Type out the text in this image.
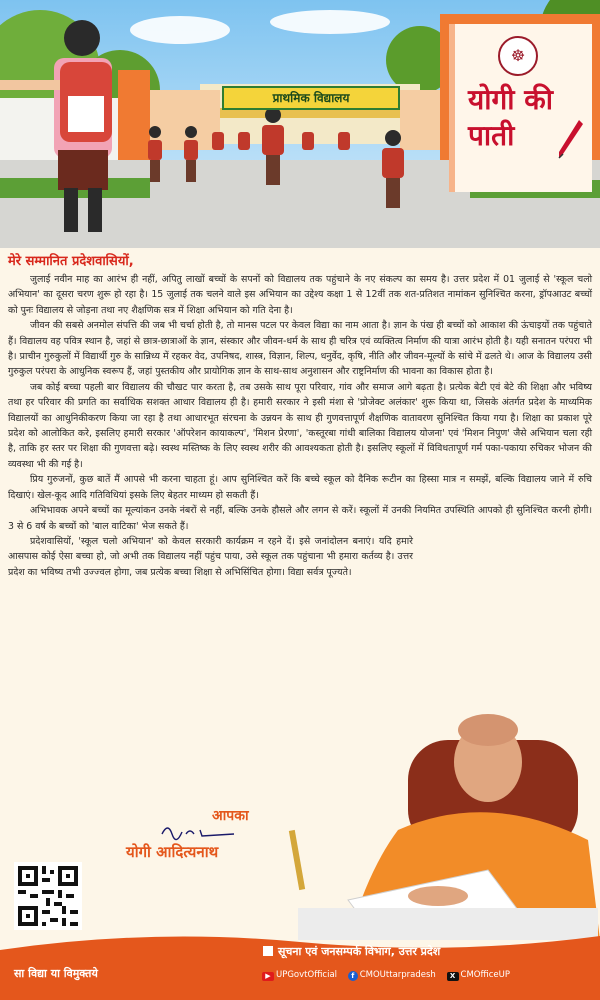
प्राथमिक विद्यालय
☸
योगी की पाती

मेरे सम्मानित प्रदेशवासियों,

जुलाई नवीन माह का आरंभ ही नहीं, अपितु लाखों बच्चों के सपनों को विद्यालय तक पहुंचाने के नए संकल्प का समय है। उत्तर प्रदेश में 01 जुलाई से 'स्कूल चलो अभियान' का दूसरा चरण शुरू हो रहा है। 15 जुलाई तक चलने वाले इस अभियान का उद्देश्य कक्षा 1 से 12वीं तक शत-प्रतिशत नामांकन सुनिश्चित करना, ड्रॉपआउट बच्चों को पुनः विद्यालय से जोड़ना तथा नए शैक्षणिक सत्र में शिक्षा अभियान को गति देना है।

जीवन की सबसे अनमोल संपत्ति की जब भी चर्चा होती है, तो मानस पटल पर केवल विद्या का नाम आता है। ज्ञान के पंख ही बच्चों को आकाश की ऊंचाइयों तक पहुंचाते हैं। विद्यालय वह पवित्र स्थान है, जहां से छात्र-छात्राओं के ज्ञान, संस्कार और जीवन-धर्म के साथ ही चरित्र एवं व्यक्तित्व निर्माण की यात्रा आरंभ होती है। यही सनातन परंपरा भी है। प्राचीन गुरुकुलों में विद्यार्थी गुरु के सान्निध्य में रहकर वेद, उपनिषद, शास्त्र, विज्ञान, शिल्प, धनुर्वेद, कृषि, नीति और जीवन-मूल्यों के सांचे में ढलते थे। आज के विद्यालय उसी गुरुकुल परंपरा के आधुनिक स्वरूप हैं, जहां पुस्तकीय और प्रायोगिक ज्ञान के साथ-साथ अनुशासन और राष्ट्रनिर्माण की भावना का विकास होता है।

जब कोई बच्चा पहली बार विद्यालय की चौखट पार करता है, तब उसके साथ पूरा परिवार, गांव और समाज आगे बढ़ता है। प्रत्येक बेटी एवं बेटे की शिक्षा और भविष्य तथा हर परिवार की प्रगति का सर्वाधिक सशक्त आधार विद्यालय ही है। हमारी सरकार ने इसी मंशा से 'प्रोजेक्ट अलंकार' शुरू किया था, जिसके अंतर्गत प्रदेश के माध्यमिक विद्यालयों का आधुनिकीकरण किया जा रहा है तथा आधारभूत संरचना के उन्नयन के साथ ही गुणवत्तापूर्ण शैक्षणिक वातावरण सुनिश्चित किया गया है। शिक्षा का प्रकाश पूरे प्रदेश को आलोकित करे, इसलिए हमारी सरकार 'ऑपरेशन कायाकल्प', 'मिशन प्रेरणा', 'कस्तूरबा गांधी बालिका विद्यालय योजना' एवं 'मिशन निपुण' जैसे अभियान चला रही है, ताकि हर स्तर पर शिक्षा की गुणवत्ता बढ़े। स्वस्थ मस्तिष्क के लिए स्वस्थ शरीर की आवश्यकता होती है। इसलिए स्कूलों में विविधतापूर्ण गर्म पका-पकाया रुचिकर भोजन की व्यवस्था भी की गई है।

प्रिय गुरुजनों, कुछ बातें मैं आपसे भी करना चाहता हूं। आप सुनिश्चित करें कि बच्चे स्कूल को दैनिक रूटीन का हिस्सा मात्र न समझें, बल्कि विद्यालय जाने में रुचि दिखाएं। खेल-कूद आदि गतिविधियां इसके लिए बेहतर माध्यम हो सकती हैं।

अभिभावक अपने बच्चों का मूल्यांकन उनके नंबरों से नहीं, बल्कि उनके हौसले और लगन से करें। स्कूलों में उनकी नियमित उपस्थिति आपको ही सुनिश्चित करनी होगी। 3 से 6 वर्ष के बच्चों को 'बाल वाटिका' भेज सकते हैं।

प्रदेशवासियों, 'स्कूल चलो अभियान' को केवल सरकारी कार्यक्रम न रहने दें। इसे जनांदोलन बनाएं। यदि हमारे आसपास कोई ऐसा बच्चा हो, जो अभी तक विद्यालय नहीं पहुंच पाया, उसे स्कूल तक पहुंचाना भी हमारा कर्तव्य है। उत्तर प्रदेश का भविष्य तभी उज्ज्वल होगा, जब प्रत्येक बच्चा शिक्षा से अभिसिंचित होगा। विद्या सर्वत्र पूज्यते।

आपका
योगी आदित्यनाथ
सा विद्या या विमुक्तये
सूचना एवं जनसम्पर्क विभाग, उत्तर प्रदेश
▶ UPGovtOfficial f CMOUttarpradesh X CMOfficeUP
